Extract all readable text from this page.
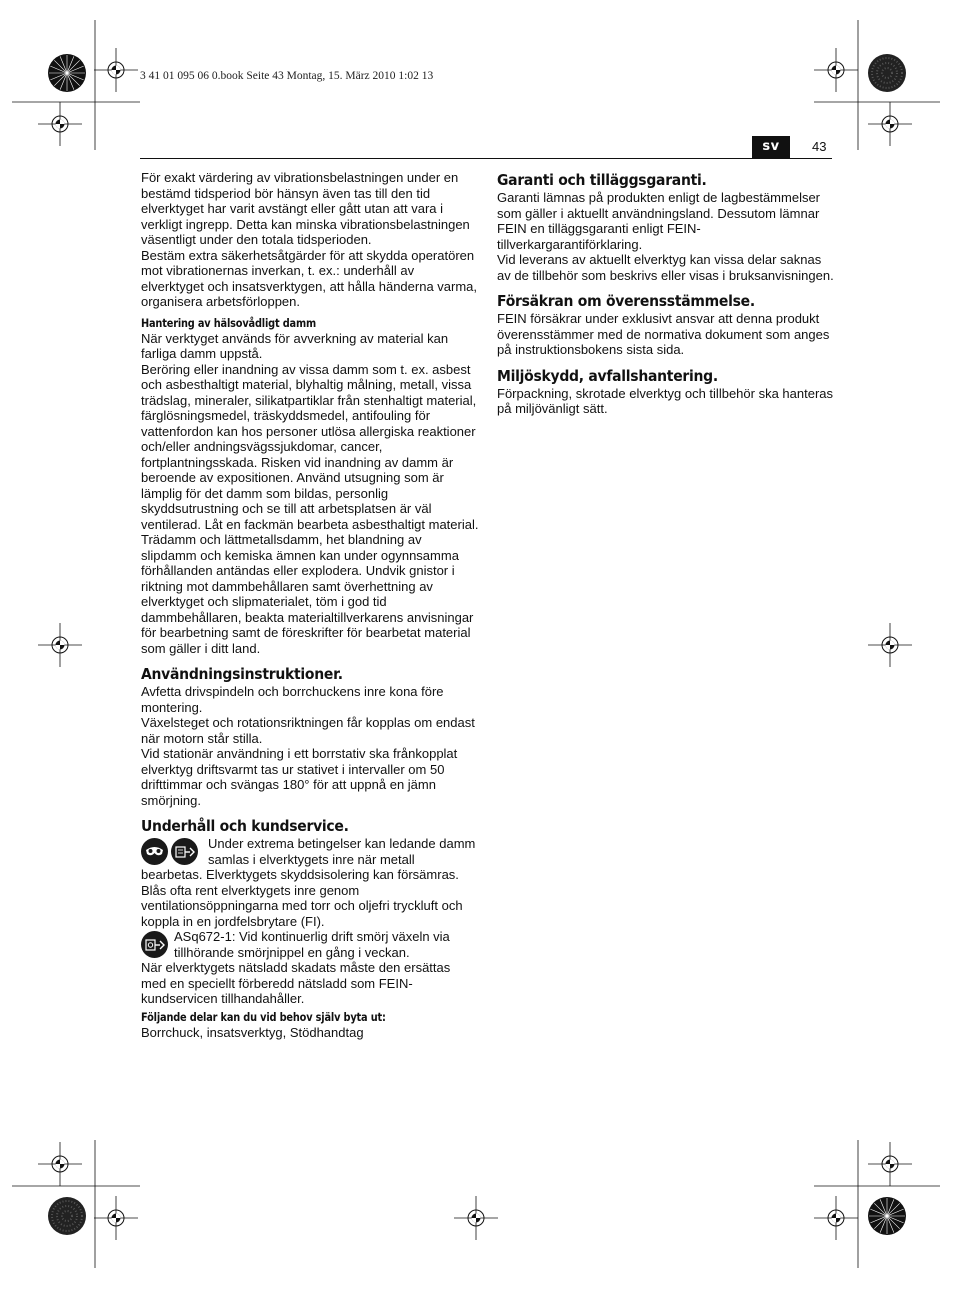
3 41 01 095 06 0.book Seite 43 Montag, 15. März 2010 1:02 13
sv	43

För exakt värdering av vibrationsbelastningen under en bestämd tidsperiod bör hänsyn även tas till den tid elverktyget har varit avstängt eller gått utan att vara i verkligt ingrepp. Detta kan minska vibrationsbelastningen väsentligt under den totala tidsperioden.

Bestäm extra säkerhetsåtgärder för att skydda operatören mot vibrationernas inverkan, t. ex.: underhåll av elverktyget och insatsverktygen, att hålla händerna varma, organisera arbetsförloppen.

Hantering av hälsovådligt damm

När verktyget används för avverkning av material kan farliga damm uppstå.

Beröring eller inandning av vissa damm som t. ex. asbest och asbesthaltigt material, blyhaltig målning, metall, vissa trädslag, mineraler, silikatpartiklar från stenhaltigt material, färglösningsmedel, träskyddsmedel, antifouling för vattenfordon kan hos personer utlösa allergiska reaktioner och/eller andningsvägssjukdomar, cancer, fortplantningsskada. Risken vid inandning av damm är beroende av expositionen. Använd utsugning som är lämplig för det damm som bildas, personlig skyddsutrustning och se till att arbetsplatsen är väl ventilerad. Låt en fackmän bearbeta asbesthaltigt material.

Trädamm och lättmetallsdamm, het blandning av slipdamm och kemiska ämnen kan under ogynnsamma förhållanden antändas eller explodera. Undvik gnistor i riktning mot dammbehållaren samt överhettning av elverktyget och slipmaterialet, töm i god tid dammbehållaren, beakta materialtillverkarens anvisningar för bearbetning samt de föreskrifter för bearbetat material som gäller i ditt land.

Användningsinstruktioner.

Avfetta drivspindeln och borrchuckens inre kona före montering.

Växelsteget och rotationsriktningen får kopplas om endast när motorn står stilla.

Vid stationär användning i ett borrstativ ska frånkopplat elverktyg driftsvarmt tas ur stativet i intervaller om 50 drifttimmar och svängas 180° för att uppnå en jämn smörjning.

Underhåll och kundservice.

Under extrema betingelser kan ledande damm samlas i elverktygets inre när metall bearbetas. Elverktygets skyddsisolering kan försämras. Blås ofta rent elverktygets inre genom ventilationsöppningarna med torr och oljefri tryckluft och koppla in en jordfelsbrytare (FI).

ASq672-1: Vid kontinuerlig drift smörj växeln via tillhörande smörjnippel en gång i veckan.

När elverktygets nätsladd skadats måste den ersättas med en speciellt förberedd nätsladd som FEIN-kundservicen tillhandahåller.

Följande delar kan du vid behov själv byta ut:

Borrchuck, insatsverktyg, Stödhandtag

Garanti och tilläggsgaranti.

Garanti lämnas på produkten enligt de lagbestämmelser som gäller i aktuellt användningsland. Dessutom lämnar FEIN en tilläggsgaranti enligt FEIN-tillverkargarantiförklaring.

Vid leverans av aktuellt elverktyg kan vissa delar saknas av de tillbehör som beskrivs eller visas i bruksanvisningen.

Försäkran om överensstämmelse.

FEIN försäkrar under exklusivt ansvar att denna produkt överensstämmer med de normativa dokument som anges på instruktionsbokens sista sida.

Miljöskydd, avfallshantering.

Förpackning, skrotade elverktyg och tillbehör ska hanteras på miljövänligt sätt.
